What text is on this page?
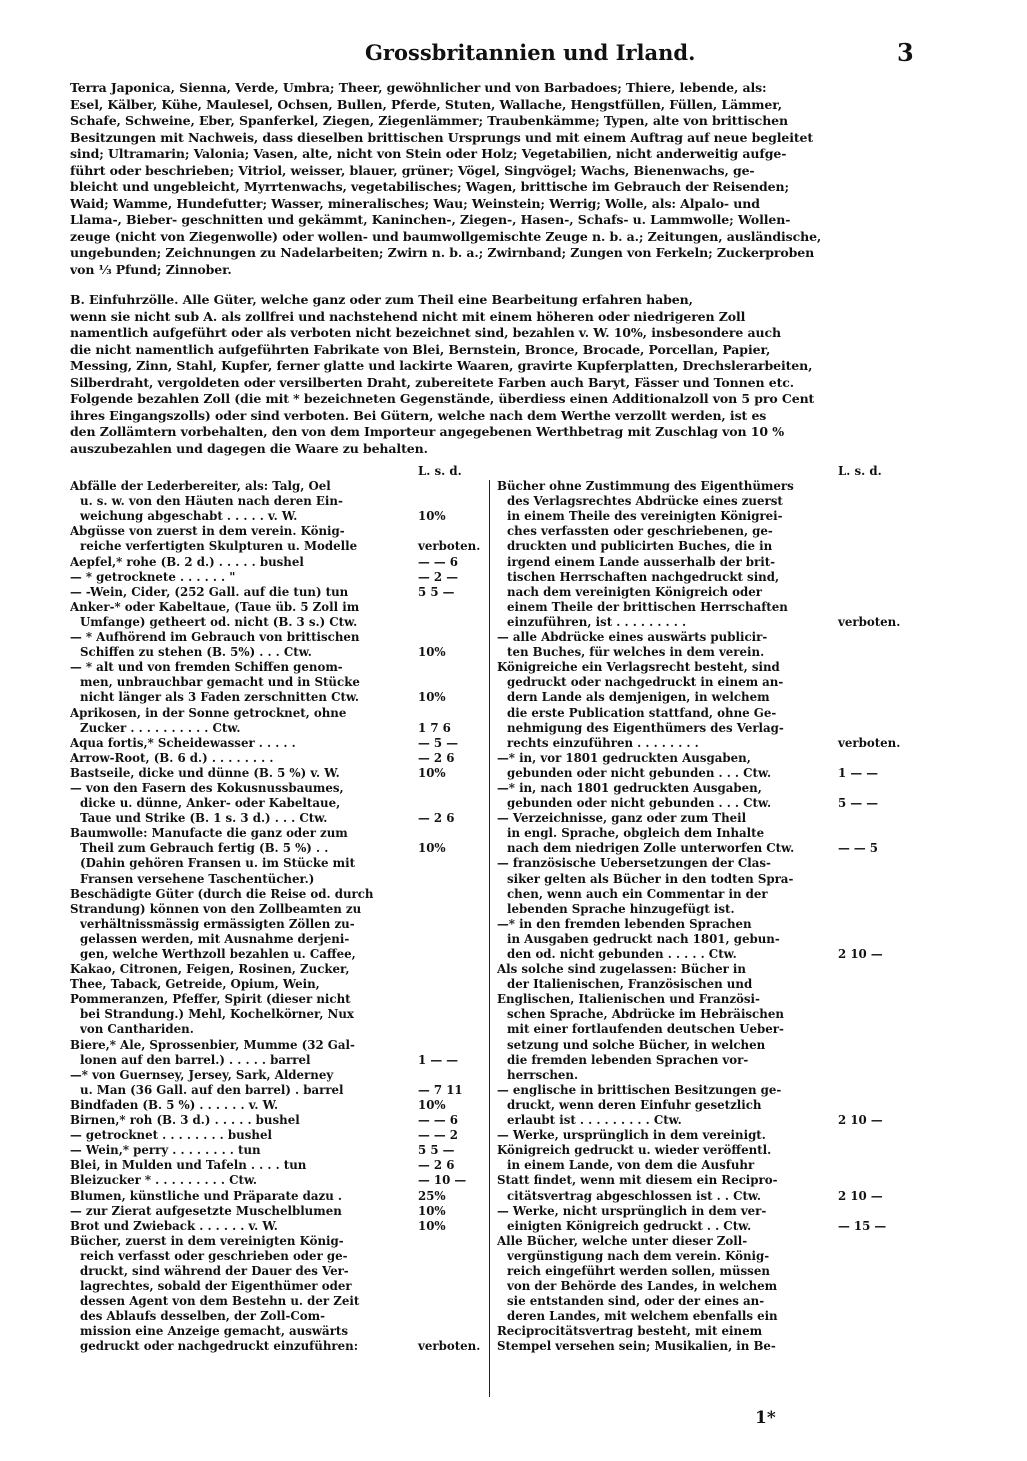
Grossbritannien und Irland.	3
Terra Japonica, Sienna, Verde, Umbra; Theer, gewöhnlicher und von Barbadoes; Thiere, lebende, als:
Esel, Kälber, Kühe, Maulesel, Ochsen, Bullen, Pferde, Stuten, Wallache, Hengstfüllen, Füllen, Lämmer,
Schafe, Schweine, Eber, Spanferkel, Ziegen, Ziegenlämmer; Traubenkämme; Typen, alte von brittischen
Besitzungen mit Nachweis, dass dieselben brittischen Ursprungs und mit einem Auftrag auf neue begleitet
sind; Ultramarin; Valonia; Vasen, alte, nicht von Stein oder Holz; Vegetabilien, nicht anderweitig aufge-
führt oder beschrieben; Vitriol, weisser, blauer, grüner; Vögel, Singvögel; Wachs, Bienenwachs, ge-
bleicht und ungebleicht, Myrrtenwachs, vegetabilisches; Wagen, brittische im Gebrauch der Reisenden;
Waid; Wamme, Hundefutter; Wasser, mineralisches; Wau; Weinstein; Werrig; Wolle, als: Alpalo- und
Llama-, Bieber- geschnitten und gekämmt, Kaninchen-, Ziegen-, Hasen-, Schafs- u. Lammwolle; Wollen-
zeuge (nicht von Ziegenwolle) oder wollen- und baumwollgemischte Zeuge n. b. a.; Zeitungen, ausländische,
ungebunden; Zeichnungen zu Nadelarbeiten; Zwirn n. b. a.; Zwirnband; Zungen von Ferkeln; Zuckerproben
von ⅓ Pfund; Zinnober.
B. Einfuhrzölle. Alle Güter, welche ganz oder zum Theil eine Bearbeitung erfahren haben,
wenn sie nicht sub A. als zollfrei und nachstehend nicht mit einem höheren oder niedrigeren Zoll
namentlich aufgeführt oder als verboten nicht bezeichnet sind, bezahlen v. W. 10%, insbesondere auch
die nicht namentlich aufgeführten Fabrikate von Blei, Bernstein, Bronce, Brocade, Porcellan, Papier,
Messing, Zinn, Stahl, Kupfer, ferner glatte und lackirte Waaren, gravirte Kupferplatten, Drechslerarbeiten,
Silberdraht, vergoldeten oder versilberten Draht, zubereitete Farben auch Baryt, Fässer und Tonnen etc.
Folgende bezahlen Zoll (die mit * bezeichneten Gegenstände, überdiess einen Additionalzoll von 5 pro Cent
ihres Eingangszolls) oder sind verboten. Bei Gütern, welche nach dem Werthe verzollt werden, ist es
den Zollämtern vorbehalten, den von dem Importeur angegebenen Werthbetrag mit Zuschlag von 10 %
auszubezahlen und dagegen die Waare zu behalten.
L. s. d.
Abfälle der Lederbereiter, als: Talg, Oel
u. s. w. von den Häuten nach deren Ein-
weichung abgeschabt . . . . . v. W.	10%
Abgüsse von zuerst in dem verein. König-
reiche verfertigten Skulpturen u. Modelle	verboten.
Aepfel,* rohe (B. 2 d.) . . . . . bushel	— — 6
— * getrocknete . . . . . . "	— 2 —
— -Wein, Cider, (252 Gall. auf die tun) tun	5 5 —
Anker-* oder Kabeltaue, (Taue üb. 5 Zoll im
Umfange) getheert od. nicht (B. 3 s.) Ctw.
— * Aufhörend im Gebrauch von brittischen
Schiffen zu stehen (B. 5%) . . . Ctw.	10%
— * alt und von fremden Schiffen genom-
men, unbrauchbar gemacht und in Stücke
nicht länger als 3 Faden zerschnitten Ctw.	10%
Aprikosen, in der Sonne getrocknet, ohne
Zucker . . . . . . . . . . Ctw.	1 7 6
Aqua fortis,* Scheidewasser . . . . .	— 5 —
Arrow-Root, (B. 6 d.) . . . . . . . .	— 2 6
Bastseile, dicke und dünne (B. 5 %) v. W.	10%
— von den Fasern des Kokusnussbaumes,
dicke u. dünne, Anker- oder Kabeltaue,
Taue und Strike (B. 1 s. 3 d.) . . . Ctw.	— 2 6
Baumwolle: Manufacte die ganz oder zum
Theil zum Gebrauch fertig (B. 5 %) . .	10%
(Dahin gehören Fransen u. im Stücke mit
Fransen versehene Taschentücher.)
Beschädigte Güter (durch die Reise od. durch
Strandung) können von den Zollbeamten zu
verhältnissmässig ermässigten Zöllen zu-
gelassen werden, mit Ausnahme derjeni-
gen, welche Werthzoll bezahlen u. Caffee,
Kakao, Citronen, Feigen, Rosinen, Zucker,
Thee, Taback, Getreide, Opium, Wein,
Pommeranzen, Pfeffer, Spirit (dieser nicht
bei Strandung.) Mehl, Kochelkörner, Nux
von Canthariden.
Biere,* Ale, Sprossenbier, Mumme (32 Gal-
lonen auf den barrel.) . . . . . barrel	1 — —
—* von Guernsey, Jersey, Sark, Alderney
u. Man (36 Gall. auf den barrel) . barrel	— 7 11
Bindfaden (B. 5 %) . . . . . . v. W.	10%
Birnen,* roh (B. 3 d.) . . . . . bushel	— — 6
— getrocknet . . . . . . . . bushel	— — 2
— Wein,* perry . . . . . . . . tun	5 5 —
Blei, in Mulden und Tafeln . . . . tun	— 2 6
Bleizucker * . . . . . . . . . Ctw.	— 10 —
Blumen, künstliche und Präparate dazu .	25%
— zur Zierat aufgesetzte Muschelblumen	10%
Brot und Zwieback . . . . . . v. W.	10%
Bücher, zuerst in dem vereinigten König-
reich verfasst oder geschrieben oder ge-
druckt, sind während der Dauer des Ver-
lagrechtes, sobald der Eigenthümer oder
dessen Agent von dem Bestehn u. der Zeit
des Ablaufs desselben, der Zoll-Com-
mission eine Anzeige gemacht, auswärts
gedruckt oder nachgedruckt einzuführen:	verboten.
L. s. d.
Bücher ohne Zustimmung des Eigenthümers
des Verlagsrechtes Abdrücke eines zuerst
in einem Theile des vereinigten Königrei-
ches verfassten oder geschriebenen, ge-
druckten und publicirten Buches, die in
irgend einem Lande ausserhalb der brit-
tischen Herrschaften nachgedruckt sind,
nach dem vereinigten Königreich oder
einem Theile der brittischen Herrschaften
einzuführen, ist . . . . . . . . .	verboten.
— alle Abdrücke eines auswärts publicir-
ten Buches, für welches in dem verein.
Königreiche ein Verlagsrecht besteht, sind
gedruckt oder nachgedruckt in einem an-
dern Lande als demjenigen, in welchem
die erste Publication stattfand, ohne Ge-
nehmigung des Eigenthümers des Verlag-
rechts einzuführen . . . . . . . .	verboten.
—* in, vor 1801 gedruckten Ausgaben,
gebunden oder nicht gebunden . . . Ctw.	1 — —
—* in, nach 1801 gedruckten Ausgaben,
gebunden oder nicht gebunden . . . Ctw.	5 — —
— Verzeichnisse, ganz oder zum Theil
in engl. Sprache, obgleich dem Inhalte
nach dem niedrigen Zolle unterworfen Ctw.	— — 5
— französische Uebersetzungen der Clas-
siker gelten als Bücher in den todten Spra-
chen, wenn auch ein Commentar in der
lebenden Sprache hinzugefügt ist.
—* in den fremden lebenden Sprachen
in Ausgaben gedruckt nach 1801, gebun-
den od. nicht gebunden . . . . . Ctw.	2 10 —
Als solche sind zugelassen: Bücher in
der Italienischen, Französischen und
Englischen, Italienischen und Französi-
schen Sprache, Abdrücke im Hebräischen
mit einer fortlaufenden deutschen Ueber-
setzung und solche Bücher, in welchen
die fremden lebenden Sprachen vor-
herrschen.
— englische in brittischen Besitzungen ge-
druckt, wenn deren Einfuhr gesetzlich
erlaubt ist . . . . . . . . . Ctw.	2 10 —
— Werke, ursprünglich in dem vereinigt.
Königreich gedruckt u. wieder veröffentl.
in einem Lande, von dem die Ausfuhr
Statt findet, wenn mit diesem ein Recipro-
citätsvertrag abgeschlossen ist . . Ctw.	2 10 —
— Werke, nicht ursprünglich in dem ver-
einigten Königreich gedruckt . . Ctw.	— 15 —
Alle Bücher, welche unter dieser Zoll-
vergünstigung nach dem verein. König-
reich eingeführt werden sollen, müssen
von der Behörde des Landes, in welchem
sie entstanden sind, oder der eines an-
deren Landes, mit welchem ebenfalls ein
Reciprocitätsvertrag besteht, mit einem
Stempel versehen sein; Musikalien, in Be-
1*
